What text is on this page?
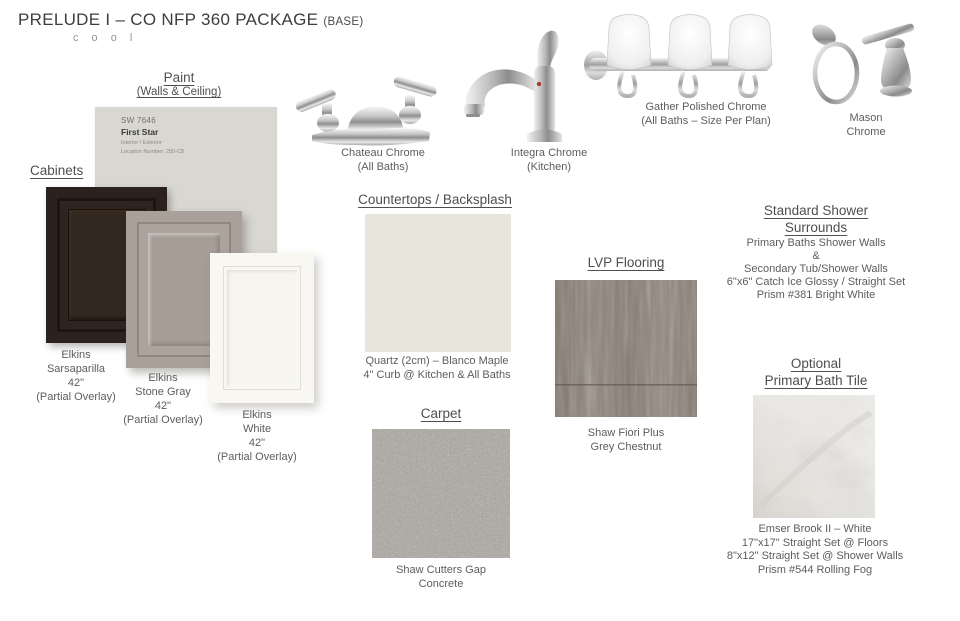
PRELUDE I – CO NFP 360 PACKAGE (BASE)
c o o l
Paint
(Walls & Ceiling)
SW 7646
First Star
Interior / Exterior
Location Number: 250-C8
Cabinets
Elkins
Sarsaparilla
42"
(Partial Overlay)
Elkins
Stone Gray
42"
(Partial Overlay)	Elkins
White
42"
(Partial Overlay)
Chateau Chrome
(All Baths)
Integra Chrome
(Kitchen)
Gather Polished Chrome
(All Baths – Size Per Plan)	Mason
Chrome
Countertops / Backsplash
Quartz (2cm) – Blanco Maple
4" Curb @ Kitchen & All Baths
LVP Flooring
Shaw Fiori Plus
Grey Chestnut
Standard Shower
Surrounds
Primary Baths Shower Walls
&
Secondary Tub/Shower Walls
6"x6" Catch Ice Glossy / Straight Set
Prism #381 Bright White
Carpet
Shaw Cutters Gap
Concrete
Optional
Primary Bath Tile
Emser Brook II – White
17"x17" Straight Set @ Floors
8"x12" Straight Set @ Shower Walls
Prism #544 Rolling Fog
